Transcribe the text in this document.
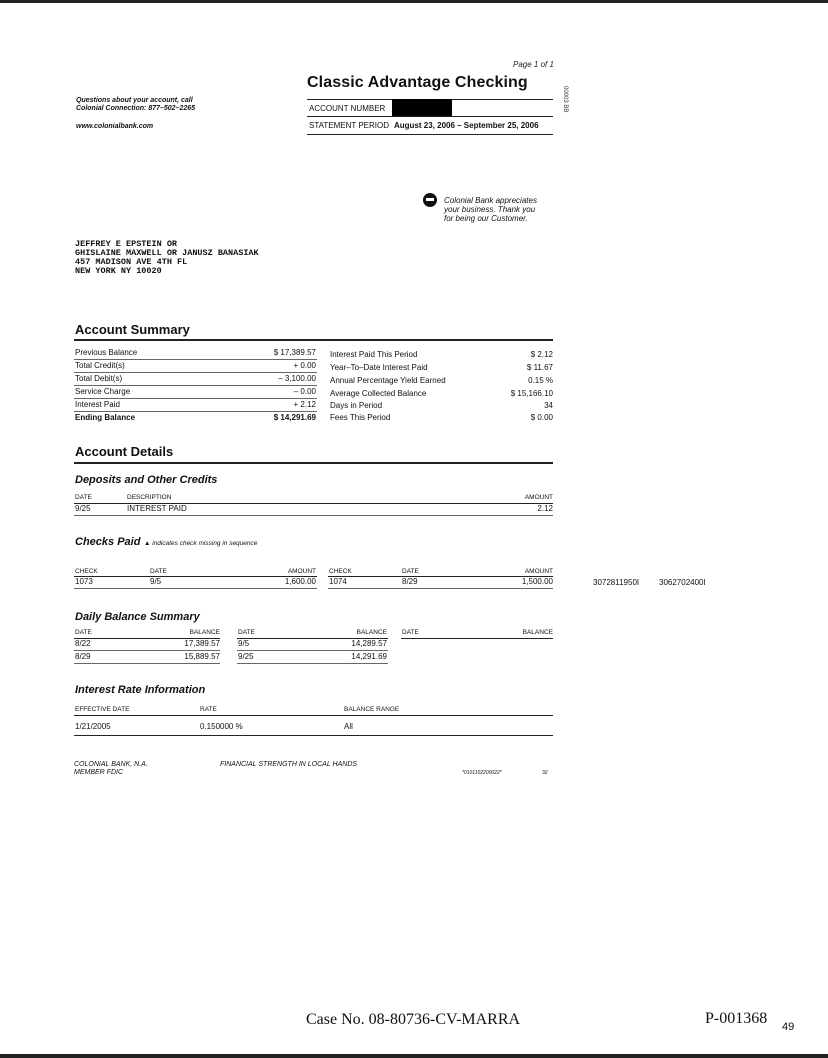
Page 1 of 1
Classic Advantage Checking
ACCOUNT NUMBER
STATEMENT PERIOD August 23, 2006 – September 25, 2006
00003 BB
Questions about your account, call
Colonial Connection: 877–502–2265
www.colonialbank.com
Colonial Bank appreciates
your business. Thank you
for being our Customer.
JEFFREY E EPSTEIN OR
GHISLAINE MAXWELL OR JANUSZ BANASIAK
457 MADISON AVE 4TH FL
NEW YORK NY 10020
Account Summary
Previous Balance	$ 17,389.57
Total Credit(s)	+ 0.00
Total Debit(s)	– 3,100.00
Service Charge	– 0.00
Interest Paid	+ 2.12
Ending Balance	$ 14,291.69
Interest Paid This Period	$ 2.12
Year–To–Date Interest Paid	$ 11.67
Annual Percentage Yield Earned	0.15 %
Average Collected Balance	$ 15,166.10
Days in Period	34
Fees This Period	$ 0.00
Account Details
Deposits and Other Credits
DATE	DESCRIPTION	AMOUNT
9/25	INTEREST PAID	2.12
Checks Paid ▲ indicates check missing in sequence
CHECK	DATE	AMOUNT CHECK	DATE	AMOUNT
1073	9/5	1,600.00 1074	8/29	1,500.00	3072811950I 3062702400I
Daily Balance Summary
DATE	BALANCE	DATE	BALANCE DATE	BALANCE
8/22	17,389.57 9/5	14,289.57
8/29	15,889.57 9/25	14,291.69
Interest Rate Information
EFFECTIVE DATE	RATE	BALANCE RANGE
1/21/2005	0.150000 %	All
COLONIAL BANK, N.A.
MEMBER FDIC
FINANCIAL STRENGTH IN LOCAL HANDS
*0101102200022*	32
Case No. 08-80736-CV-MARRA	P-001368 49
